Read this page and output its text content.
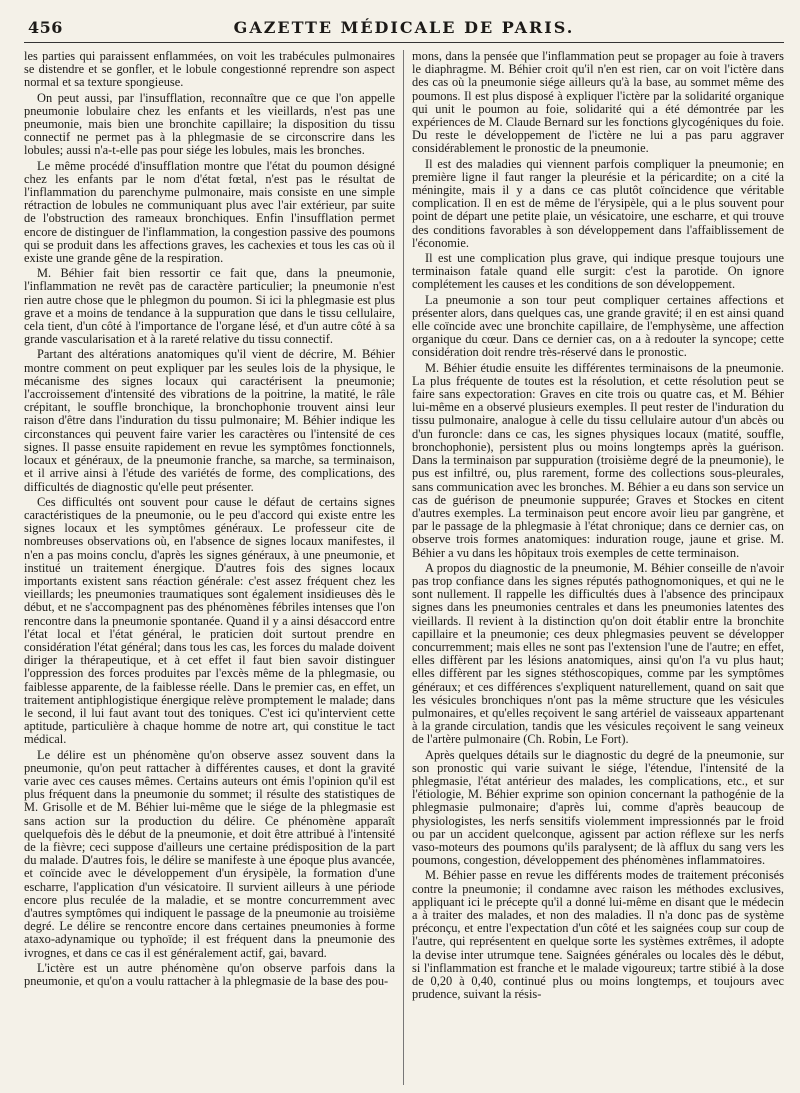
456	GAZETTE MÉDICALE DE PARIS.

les parties qui paraissent enflammées, on voit les trabécules pulmonaires se distendre et se gonfler, et le lobule congestionné reprendre son aspect normal et sa texture spongieuse.

On peut aussi, par l'insufflation, reconnaître que ce que l'on appelle pneumonie lobulaire chez les enfants et les vieillards, n'est pas une pneumonie, mais bien une bronchite capillaire; la disposition du tissu connectif ne permet pas à la phlegmasie de se circonscrire dans les lobules; aussi n'a-t-elle pas pour siége les lobules, mais les bronches.

Le même procédé d'insufflation montre que l'état du poumon désigné chez les enfants par le nom d'état fœtal, n'est pas le résultat de l'inflammation du parenchyme pulmonaire, mais consiste en une simple rétraction de lobules ne communiquant plus avec l'air extérieur, par suite de l'obstruction des rameaux bronchiques. Enfin l'insufflation permet encore de distinguer de l'inflammation, la congestion passive des poumons qui se produit dans les affections graves, les cachexies et tous les cas où il existe une grande gêne de la respiration.

M. Béhier fait bien ressortir ce fait que, dans la pneumonie, l'inflammation ne revêt pas de caractère particulier; la pneumonie n'est rien autre chose que le phlegmon du poumon. Si ici la phlegmasie est plus grave et a moins de tendance à la suppuration que dans le tissu cellulaire, cela tient, d'un côté à l'importance de l'organe lésé, et d'un autre côté à sa grande vascularisation et à la rareté relative du tissu connectif.

Partant des altérations anatomiques qu'il vient de décrire, M. Béhier montre comment on peut expliquer par les seules lois de la physique, le mécanisme des signes locaux qui caractérisent la pneumonie; l'accroissement d'intensité des vibrations de la poitrine, la matité, le râle crépitant, le souffle bronchique, la bronchophonie trouvent ainsi leur raison d'être dans l'induration du tissu pulmonaire; M. Béhier indique les circonstances qui peuvent faire varier les caractères ou l'intensité de ces signes. Il passe ensuite rapidement en revue les symptômes fonctionnels, locaux et généraux, de la pneumonie franche, sa marche, sa terminaison, et il arrive ainsi à l'étude des variétés de forme, des complications, des difficultés de diagnostic qu'elle peut présenter.

Ces difficultés ont souvent pour cause le défaut de certains signes caractéristiques de la pneumonie, ou le peu d'accord qui existe entre les signes locaux et les symptômes généraux. Le professeur cite de nombreuses observations où, en l'absence de signes locaux manifestes, il n'en a pas moins conclu, d'après les signes généraux, à une pneumonie, et institué un traitement énergique. D'autres fois des signes locaux importants existent sans réaction générale: c'est assez fréquent chez les vieillards; les pneumonies traumatiques sont également insidieuses dès le début, et ne s'accompagnent pas des phénomènes fébriles intenses que l'on rencontre dans la pneumonie spontanée. Quand il y a ainsi désaccord entre l'état local et l'état général, le praticien doit surtout prendre en considération l'état général; dans tous les cas, les forces du malade doivent diriger la thérapeutique, et à cet effet il faut bien savoir distinguer l'oppression des forces produites par l'excès même de la phlegmasie, ou faiblesse apparente, de la faiblesse réelle. Dans le premier cas, en effet, un traitement antiphlogistique énergique relève promptement le malade; dans le second, il lui faut avant tout des toniques. C'est ici qu'intervient cette aptitude, particulière à chaque homme de notre art, qui constitue le tact médical.

Le délire est un phénomène qu'on observe assez souvent dans la pneumonie, qu'on peut rattacher à différentes causes, et dont la gravité varie avec ces causes mêmes. Certains auteurs ont émis l'opinion qu'il est plus fréquent dans la pneumonie du sommet; il résulte des statistiques de M. Grisolle et de M. Béhier lui-même que le siége de la phlegmasie est sans action sur la production du délire. Ce phénomène apparaît quelquefois dès le début de la pneumonie, et doit être attribué à l'intensité de la fièvre; ceci suppose d'ailleurs une certaine prédisposition de la part du malade. D'autres fois, le délire se manifeste à une époque plus avancée, et coïncide avec le développement d'un érysipèle, la formation d'une escharre, l'application d'un vésicatoire. Il survient ailleurs à une période encore plus reculée de la maladie, et se montre concurremment avec d'autres symptômes qui indiquent le passage de la pneumonie au troisième degré. Le délire se rencontre encore dans certaines pneumonies à forme ataxo-adynamique ou typhoïde; il est fréquent dans la pneumonie des ivrognes, et dans ce cas il est généralement actif, gai, bavard.

L'ictère est un autre phénomène qu'on observe parfois dans la pneumonie, et qu'on a voulu rattacher à la phlegmasie de la base des pou-

mons, dans la pensée que l'inflammation peut se propager au foie à travers le diaphragme. M. Béhier croit qu'il n'en est rien, car on voit l'ictère dans des cas où la pneumonie siége ailleurs qu'à la base, au sommet même des poumons. Il est plus disposé à expliquer l'ictère par la solidarité organique qui unit le poumon au foie, solidarité qui a été démontrée par les expériences de M. Claude Bernard sur les fonctions glycogéniques du foie. Du reste le développement de l'ictère ne lui a pas paru aggraver considérablement le pronostic de la pneumonie.

Il est des maladies qui viennent parfois compliquer la pneumonie; en première ligne il faut ranger la pleurésie et la péricardite; on a cité la méningite, mais il y a dans ce cas plutôt coïncidence que véritable complication. Il en est de même de l'érysipèle, qui a le plus souvent pour point de départ une petite plaie, un vésicatoire, une escharre, et qui trouve des conditions favorables à son développement dans l'affaiblissement de l'économie.

Il est une complication plus grave, qui indique presque toujours une terminaison fatale quand elle surgit: c'est la parotide. On ignore complétement les causes et les conditions de son développement.

La pneumonie a son tour peut compliquer certaines affections et présenter alors, dans quelques cas, une grande gravité; il en est ainsi quand elle coïncide avec une bronchite capillaire, de l'emphysème, une affection organique du cœur. Dans ce dernier cas, on a à redouter la syncope; cette considération doit rendre très-réservé dans le pronostic.

M. Béhier étudie ensuite les différentes terminaisons de la pneumonie. La plus fréquente de toutes est la résolution, et cette résolution peut se faire sans expectoration: Graves en cite trois ou quatre cas, et M. Béhier lui-même en a observé plusieurs exemples. Il peut rester de l'induration du tissu pulmonaire, analogue à celle du tissu cellulaire autour d'un abcès ou d'un furoncle: dans ce cas, les signes physiques locaux (matité, souffle, bronchophonie), persistent plus ou moins longtemps après la guérison. Dans la terminaison par suppuration (troisième degré de la pneumonie), le pus est infiltré, ou, plus rarement, forme des collections sous-pleurales, sans communication avec les bronches. M. Béhier a eu dans son service un cas de guérison de pneumonie suppurée; Graves et Stockes en citent d'autres exemples. La terminaison peut encore avoir lieu par gangrène, et par le passage de la phlegmasie à l'état chronique; dans ce dernier cas, on observe trois formes anatomiques: induration rouge, jaune et grise. M. Béhier a vu dans les hôpitaux trois exemples de cette terminaison.

A propos du diagnostic de la pneumonie, M. Béhier conseille de n'avoir pas trop confiance dans les signes réputés pathognomoniques, et qui ne le sont nullement. Il rappelle les difficultés dues à l'absence des principaux signes dans les pneumonies centrales et dans les pneumonies latentes des vieillards. Il revient à la distinction qu'on doit établir entre la bronchite capillaire et la pneumonie; ces deux phlegmasies peuvent se développer concurremment; mais elles ne sont pas l'extension l'une de l'autre; en effet, elles diffèrent par les lésions anatomiques, ainsi qu'on l'a vu plus haut; elles diffèrent par les signes stéthoscopiques, comme par les symptômes généraux; et ces différences s'expliquent naturellement, quand on sait que les vésicules bronchiques n'ont pas la même structure que les vésicules pulmonaires, et qu'elles reçoivent le sang artériel de vaisseaux appartenant à la grande circulation, tandis que les vésicules reçoivent le sang veineux de l'artère pulmonaire (Ch. Robin, Le Fort).

Après quelques détails sur le diagnostic du degré de la pneumonie, sur son pronostic qui varie suivant le siége, l'étendue, l'intensité de la phlegmasie, l'état antérieur des malades, les complications, etc., et sur l'étiologie, M. Béhier exprime son opinion concernant la pathogénie de la phlegmasie pulmonaire; d'après lui, comme d'après beaucoup de physiologistes, les nerfs sensitifs violemment impressionnés par le froid ou par un accident quelconque, agissent par action réflexe sur les nerfs vaso-moteurs des poumons qu'ils paralysent; de là afflux du sang vers les poumons, congestion, développement des phénomènes inflammatoires.

M. Béhier passe en revue les différents modes de traitement préconisés contre la pneumonie; il condamne avec raison les méthodes exclusives, appliquant ici le précepte qu'il a donné lui-même en disant que le médecin a à traiter des malades, et non des maladies. Il n'a donc pas de système préconçu, et entre l'expectation d'un côté et les saignées coup sur coup de l'autre, qui représentent en quelque sorte les systèmes extrêmes, il adopte la devise inter utrumque tene. Saignées générales ou locales dès le début, si l'inflammation est franche et le malade vigoureux; tartre stibié à la dose de 0,20 à 0,40, continué plus ou moins longtemps, et toujours avec prudence, suivant la résis-
